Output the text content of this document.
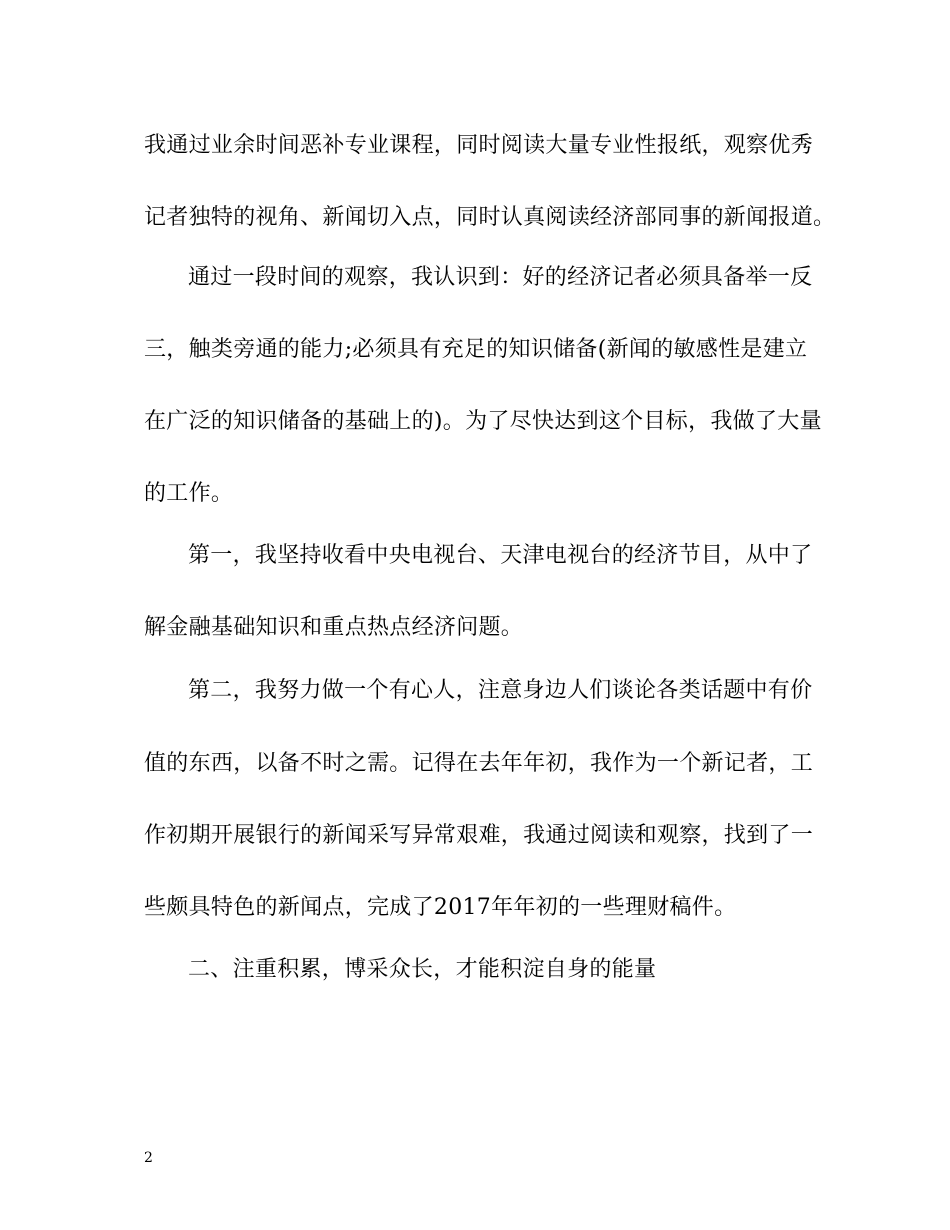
我通过业余时间恶补专业课程，同时阅读大量专业性报纸，观察优秀
记者独特的视角、新闻切入点，同时认真阅读经济部同事的新闻报道。
通过一段时间的观察，我认识到：好的经济记者必须具备举一反
三，触类旁通的能力;必须具有充足的知识储备(新闻的敏感性是建立
在广泛的知识储备的基础上的)。为了尽快达到这个目标，我做了大量
的工作。
第一，我坚持收看中央电视台、天津电视台的经济节目，从中了
解金融基础知识和重点热点经济问题。
第二，我努力做一个有心人，注意身边人们谈论各类话题中有价
值的东西，以备不时之需。记得在去年年初，我作为一个新记者，工
作初期开展银行的新闻采写异常艰难，我通过阅读和观察，找到了一
些颇具特色的新闻点，完成了2017年年初的一些理财稿件。
二、注重积累，博采众长，才能积淀自身的能量
2
